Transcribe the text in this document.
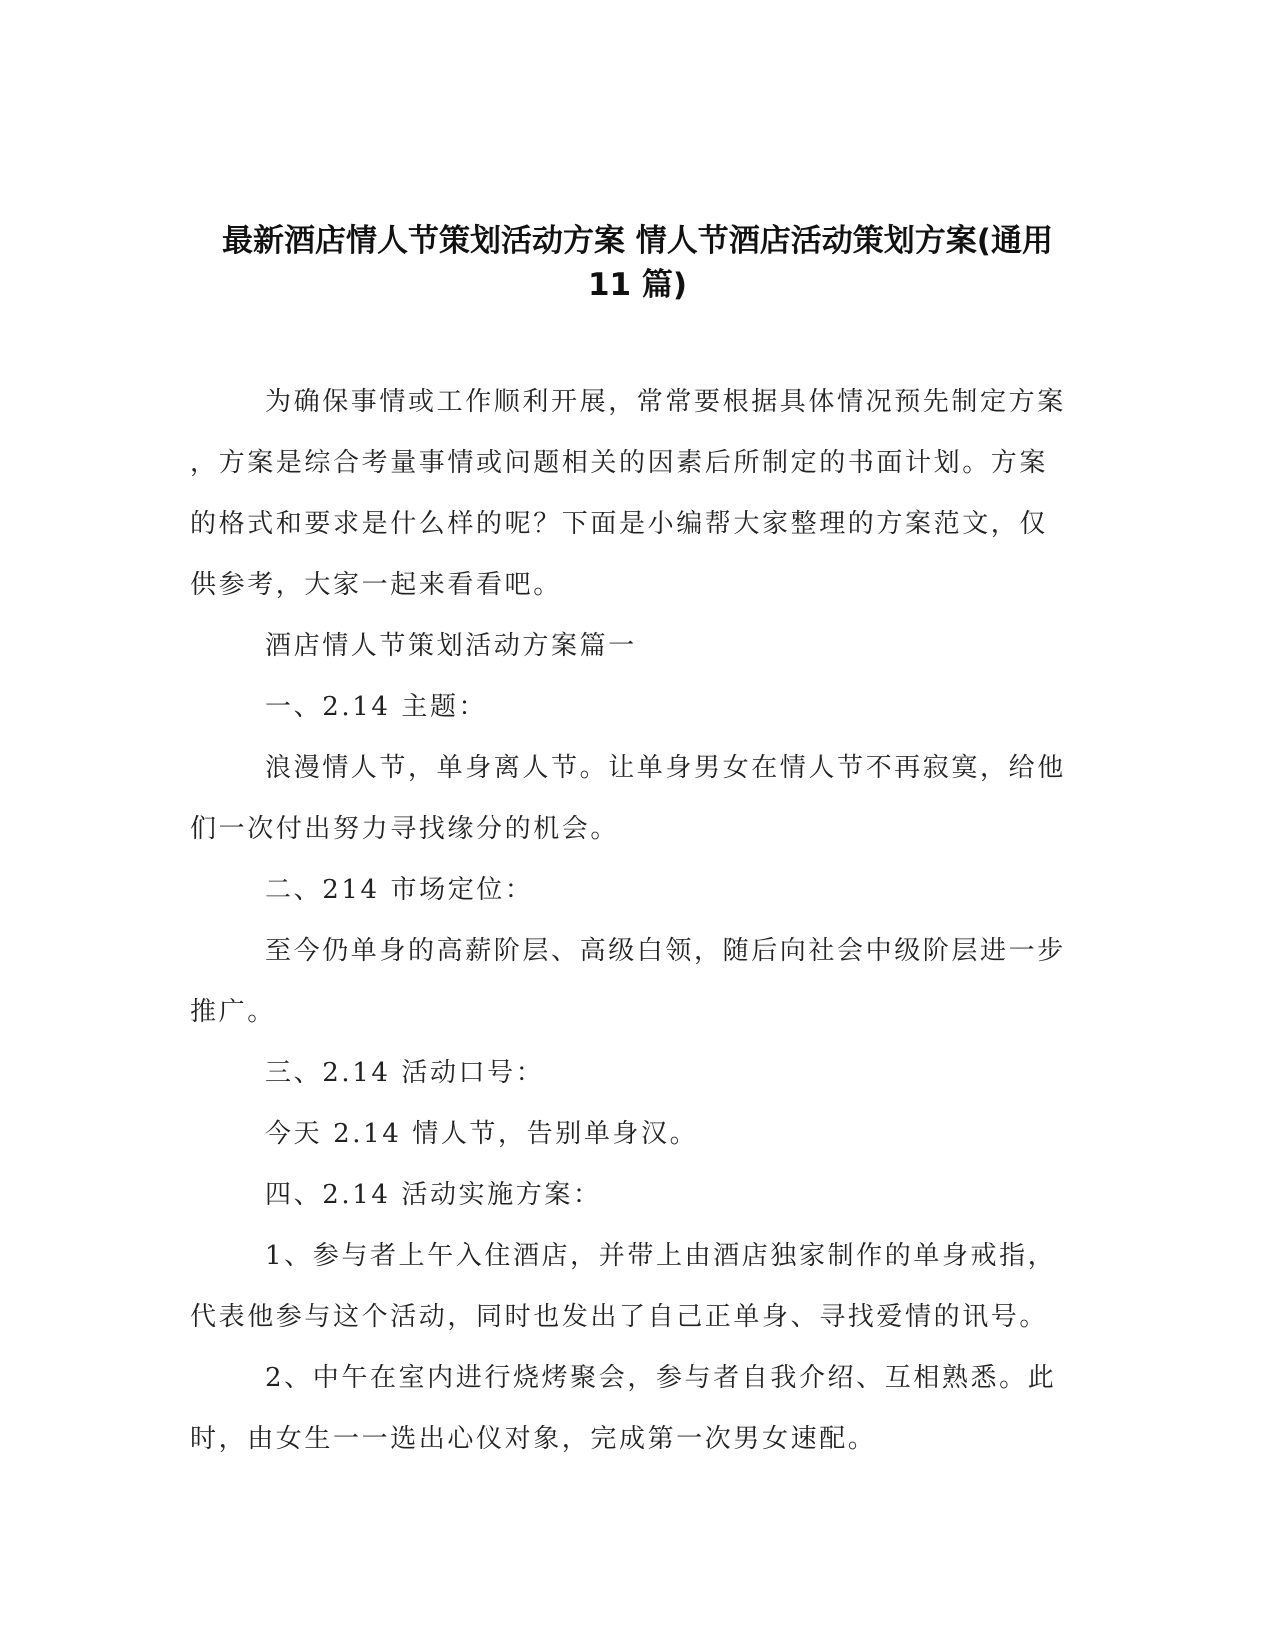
最新酒店情人节策划活动方案 情人节酒店活动策划方案(通用
11 篇)
为确保事情或工作顺利开展，常常要根据具体情况预先制定方案
，方案是综合考量事情或问题相关的因素后所制定的书面计划。方案
的格式和要求是什么样的呢？下面是小编帮大家整理的方案范文，仅
供参考，大家一起来看看吧。
酒店情人节策划活动方案篇一
一、2.14 主题：
浪漫情人节，单身离人节。让单身男女在情人节不再寂寞，给他
们一次付出努力寻找缘分的机会。
二、214 市场定位：
至今仍单身的高薪阶层、高级白领，随后向社会中级阶层进一步
推广。
三、2.14 活动口号：
今天 2.14 情人节，告别单身汉。
四、2.14 活动实施方案：
1、参与者上午入住酒店，并带上由酒店独家制作的单身戒指，
代表他参与这个活动，同时也发出了自己正单身、寻找爱情的讯号。
2、中午在室内进行烧烤聚会，参与者自我介绍、互相熟悉。此
时，由女生一一选出心仪对象，完成第一次男女速配。
